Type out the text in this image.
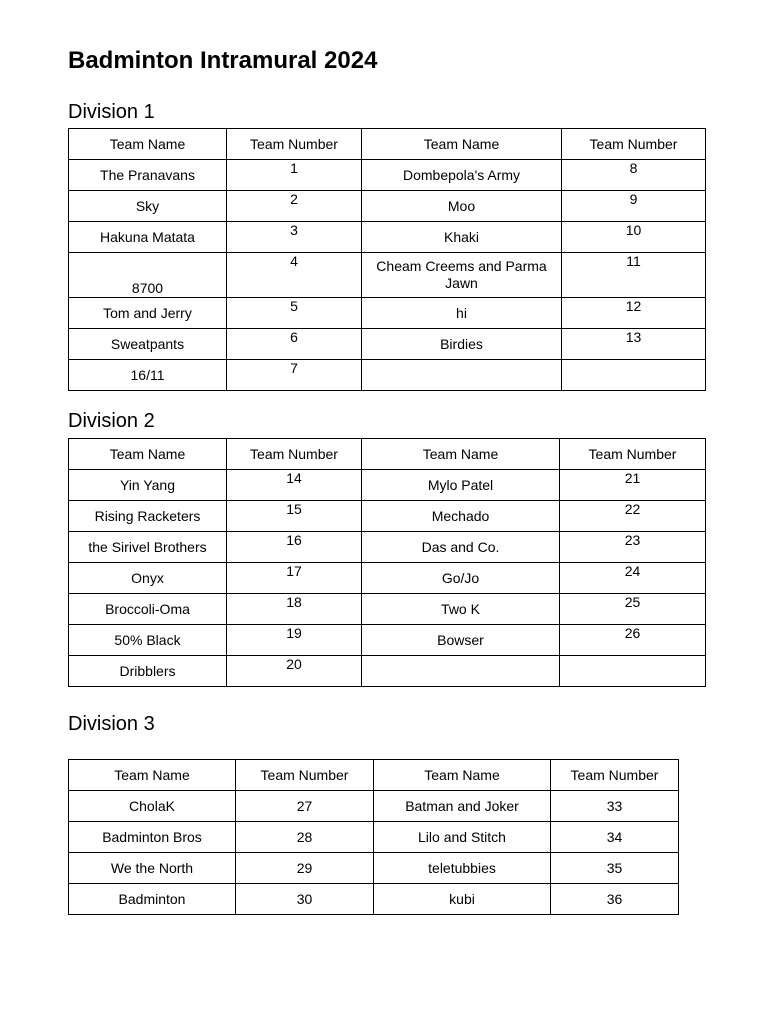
Badminton Intramural 2024
Division 1
Team Name	Team Number	Team Name	Team Number
The Pranavans	1	Dombepola's Army	8
Sky	2	Moo	9
Hakuna Matata	3	Khaki	10
8700	4	Cheam Creems and Parma Jawn	11
Tom and Jerry	5	hi	12
Sweatpants	6	Birdies	13
16/11	7		
Division 2
Team Name	Team Number	Team Name	Team Number
Yin Yang	14	Mylo Patel	21
Rising Racketers	15	Mechado	22
the Sirivel Brothers	16	Das and Co.	23
Onyx	17	Go/Jo	24
Broccoli-Oma	18	Two K	25
50% Black	19	Bowser	26
Dribblers	20		
Division 3
Team Name	Team Number	Team Name	Team Number
CholaK	27	Batman and Joker	33
Badminton Bros	28	Lilo and Stitch	34
We the North	29	teletubbies	35
Badminton	30	kubi	36
